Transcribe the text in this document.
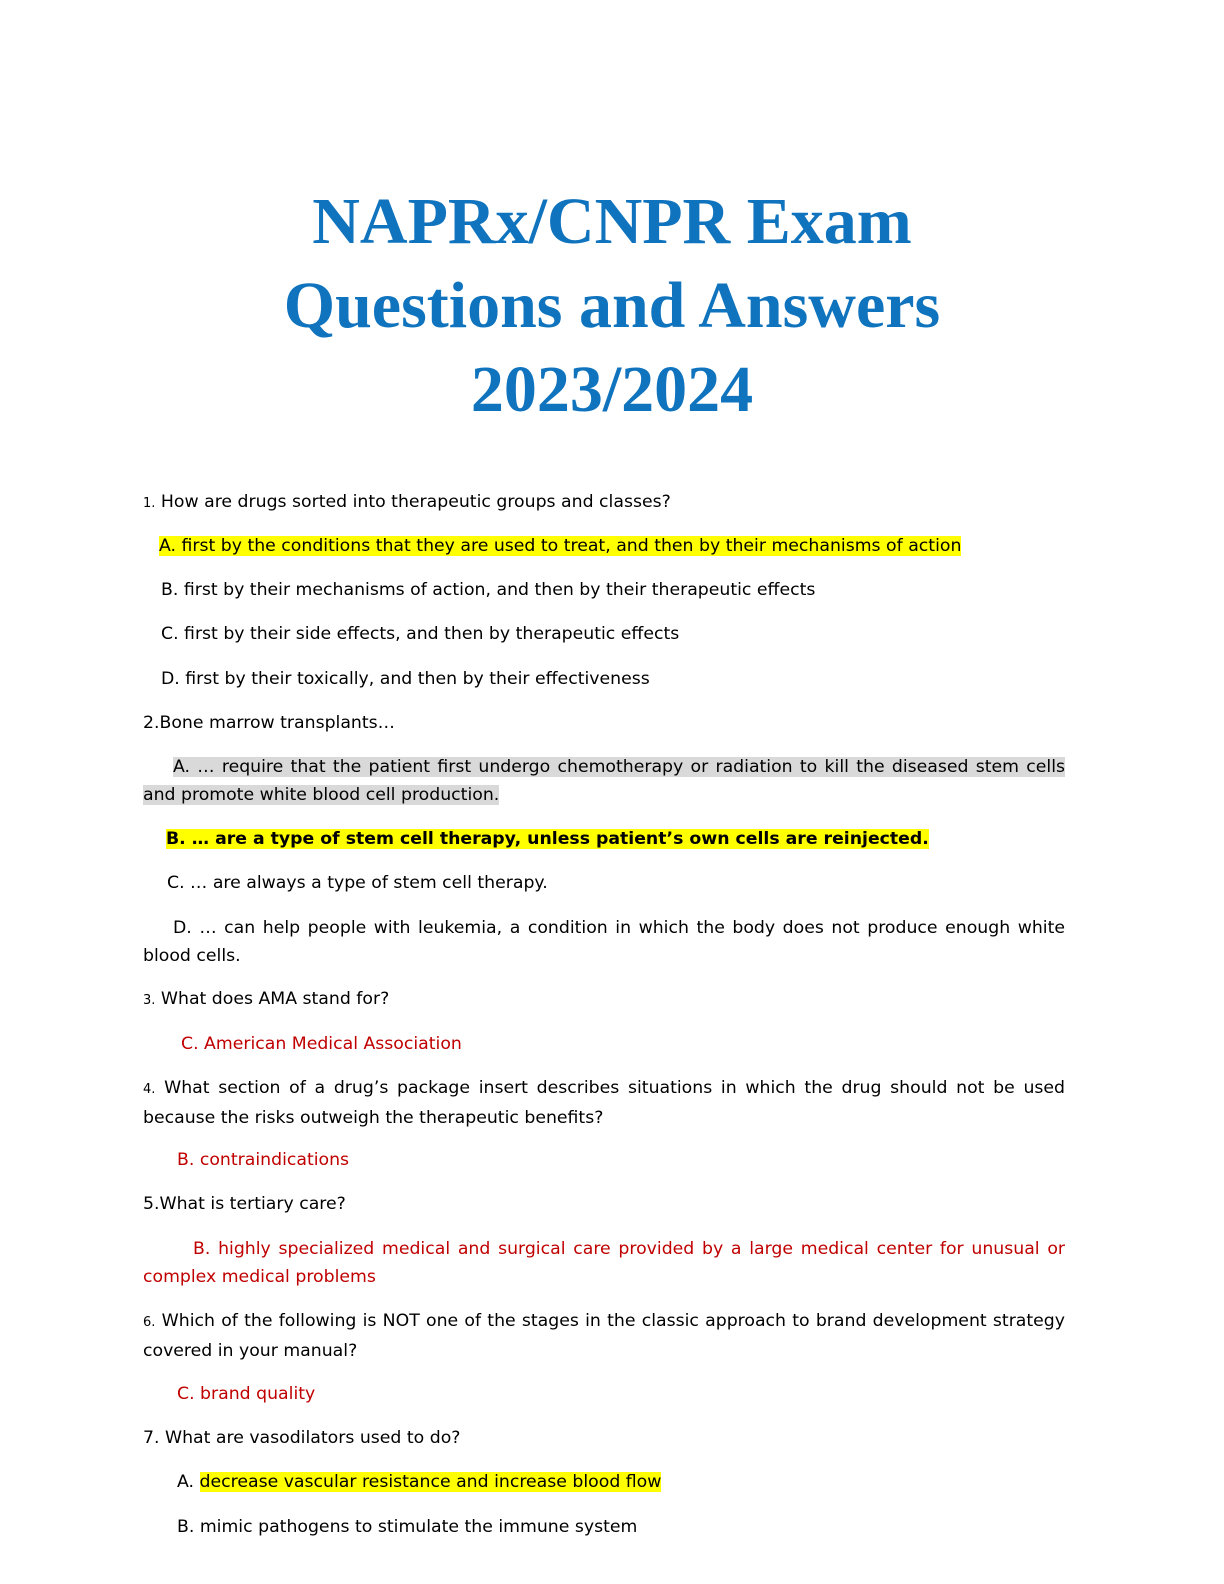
NAPRx/CNPR Exam
Questions and Answers
2023/2024

1. How are drugs sorted into therapeutic groups and classes?

A. first by the conditions that they are used to treat, and then by their mechanisms of action

B. first by their mechanisms of action, and then by their therapeutic effects

C. first by their side effects, and then by therapeutic effects

D. first by their toxically, and then by their effectiveness

2.Bone marrow transplants…

A. … require that the patient first undergo chemotherapy or radiation to kill the diseased stem cells and promote white blood cell production.

B. … are a type of stem cell therapy, unless patient’s own cells are reinjected.

C. … are always a type of stem cell therapy.

D. … can help people with leukemia, a condition in which the body does not produce enough white blood cells.

3. What does AMA stand for?

C. American Medical Association

4. What section of a drug’s package insert describes situations in which the drug should not be used because the risks outweigh the therapeutic benefits?

B. contraindications

5.What is tertiary care?

B. highly specialized medical and surgical care provided by a large medical center for unusual or complex medical problems

6. Which of the following is NOT one of the stages in the classic approach to brand development strategy covered in your manual?

C. brand quality

7. What are vasodilators used to do?

A. decrease vascular resistance and increase blood flow

B. mimic pathogens to stimulate the immune system
